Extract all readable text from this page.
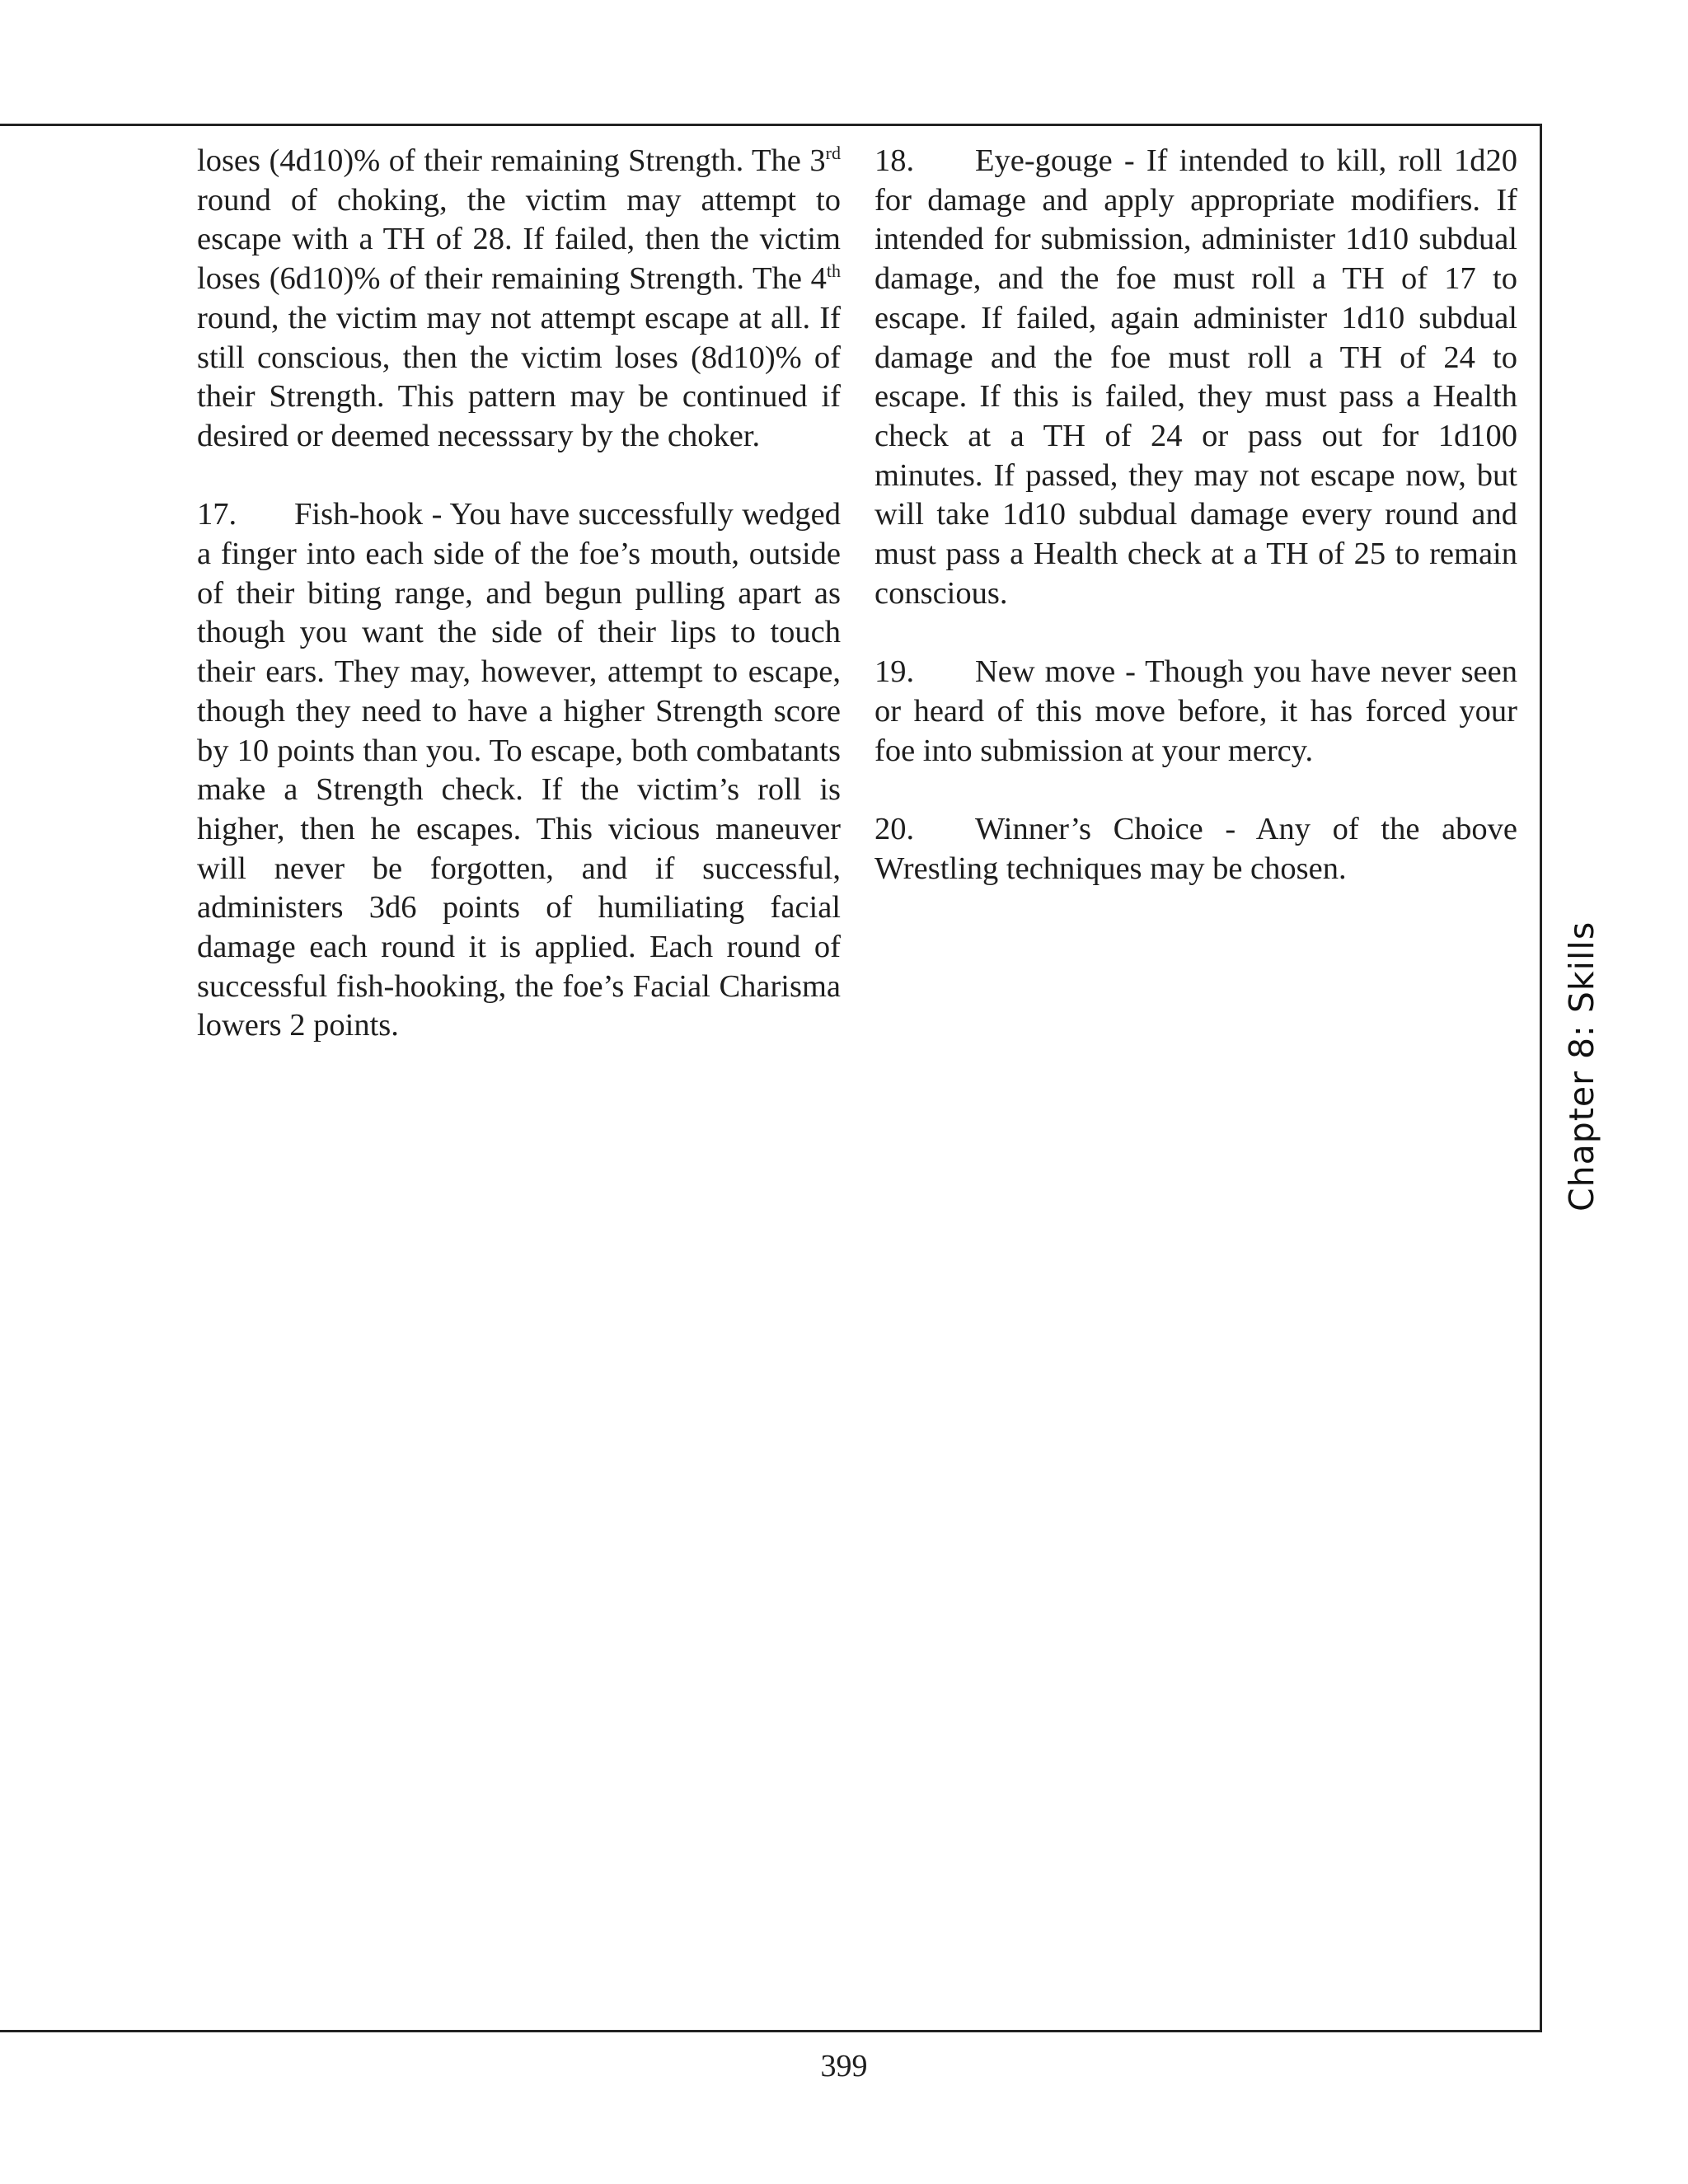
loses (4d10)% of their remaining Strength. The 3rd round of choking, the victim may attempt to escape with a TH of 28. If failed, then the victim loses (6d10)% of their remaining Strength. The 4th round, the victim may not attempt escape at all. If still conscious, then the victim loses (8d10)% of their Strength. This pattern may be continued if desired or deemed necesssary by the choker.

17. Fish-hook - You have successfully wedged a finger into each side of the foe’s mouth, outside of their biting range, and begun pulling apart as though you want the side of their lips to touch their ears. They may, however, attempt to escape, though they need to have a higher Strength score by 10 points than you. To escape, both combatants make a Strength check. If the victim’s roll is higher, then he escapes. This vicious maneuver will never be forgotten, and if successful, administers 3d6 points of humiliating facial damage each round it is applied. Each round of successful fish-hooking, the foe’s Facial Charisma lowers 2 points.

18. Eye-gouge - If intended to kill, roll 1d20 for damage and apply appropriate modifiers. If intended for submission, administer 1d10 subdual damage, and the foe must roll a TH of 17 to escape. If failed, again administer 1d10 subdual damage and the foe must roll a TH of 24 to escape. If this is failed, they must pass a Health check at a TH of 24 or pass out for 1d100 minutes. If passed, they may not escape now, but will take 1d10 subdual damage every round and must pass a Health check at a TH of 25 to remain conscious.

19. New move - Though you have never seen or heard of this move before, it has forced your foe into submission at your mercy.

20. Winner’s Choice - Any of the above Wrestling techniques may be chosen.

Chapter 8: Skills
399
